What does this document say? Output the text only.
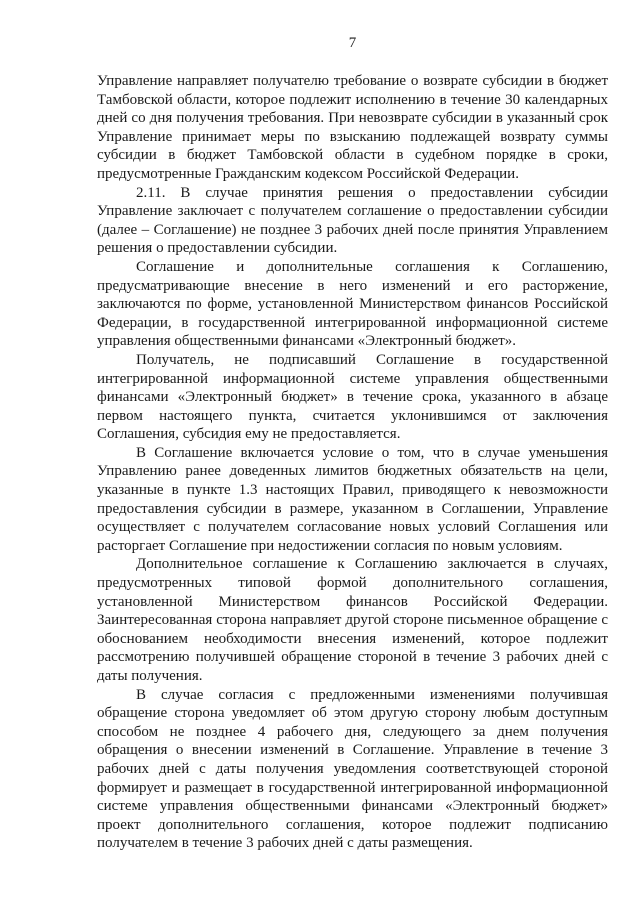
7

Управление направляет получателю требование о возврате субсидии в бюджет Тамбовской области, которое подлежит исполнению в течение 30 календарных дней со дня получения требования. При невозврате субсидии в указанный срок Управление принимает меры по взысканию подлежащей возврату суммы субсидии в бюджет Тамбовской области в судебном порядке в сроки, предусмотренные Гражданским кодексом Российской Федерации.

2.11. В случае принятия решения о предоставлении субсидии Управление заключает с получателем соглашение о предоставлении субсидии (далее – Соглашение) не позднее 3 рабочих дней после принятия Управлением решения о предоставлении субсидии.

Соглашение и дополнительные соглашения к Соглашению, предусматривающие внесение в него изменений и его расторжение, заключаются по форме, установленной Министерством финансов Российской Федерации, в государственной интегрированной информационной системе управления общественными финансами «Электронный бюджет».

Получатель, не подписавший Соглашение в государственной интегрированной информационной системе управления общественными финансами «Электронный бюджет» в течение срока, указанного в абзаце первом настоящего пункта, считается уклонившимся от заключения Соглашения, субсидия ему не предоставляется.

В Соглашение включается условие о том, что в случае уменьшения Управлению ранее доведенных лимитов бюджетных обязательств на цели, указанные в пункте 1.3 настоящих Правил, приводящего к невозможности предоставления субсидии в размере, указанном в Соглашении, Управление осуществляет с получателем согласование новых условий Соглашения или расторгает Соглашение при недостижении согласия по новым условиям.

Дополнительное соглашение к Соглашению заключается в случаях, предусмотренных типовой формой дополнительного соглашения, установленной Министерством финансов Российской Федерации. Заинтересованная сторона направляет другой стороне письменное обращение с обоснованием необходимости внесения изменений, которое подлежит рассмотрению получившей обращение стороной в течение 3 рабочих дней с даты получения.

В случае согласия с предложенными изменениями получившая обращение сторона уведомляет об этом другую сторону любым доступным способом не позднее 4 рабочего дня, следующего за днем получения обращения о внесении изменений в Соглашение. Управление в течение 3 рабочих дней с даты получения уведомления соответствующей стороной формирует и размещает в государственной интегрированной информационной системе управления общественными финансами «Электронный бюджет» проект дополнительного соглашения, которое подлежит подписанию получателем в течение 3 рабочих дней с даты размещения.
